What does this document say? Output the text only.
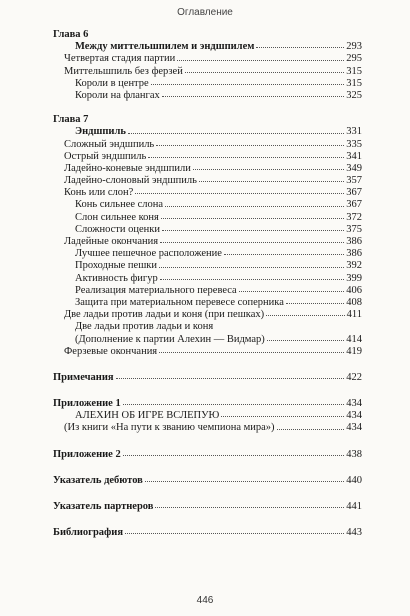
Оглавление
Глава 6
Между миттельшпилем и эндшпилем	293
Четвертая стадия партии	295
Миттельшпиль без ферзей	315
Короли в центре	315
Короли на флангах	325
Глава 7
Эндшпиль	331
Сложный эндшпиль	335
Острый эндшпиль	341
Ладейно-коневые эндшпили	349
Ладейно-слоновый эндшпиль	357
Конь или слон?	367
Конь сильнее слона	367
Слон сильнее коня	372
Сложности оценки	375
Ладейные окончания	386
Лучшее пешечное расположение	386
Проходные пешки	392
Активность фигур	399
Реализация материального перевеса	406
Защита при материальном перевесе соперника	408
Две ладьи против ладьи и коня (при пешках)	411
Две ладьи против ладьи и коня
(Дополнение к партии Алехин — Видмар)	414
Ферзевые окончания	419
Примечания	422
Приложение 1	434
АЛЕХИН ОБ ИГРЕ ВСЛЕПУЮ	434
(Из книги «На пути к званию чемпиона мира»)	434
Приложение 2	438
Указатель дебютов	440
Указатель партнеров	441
Библиография	443
446
